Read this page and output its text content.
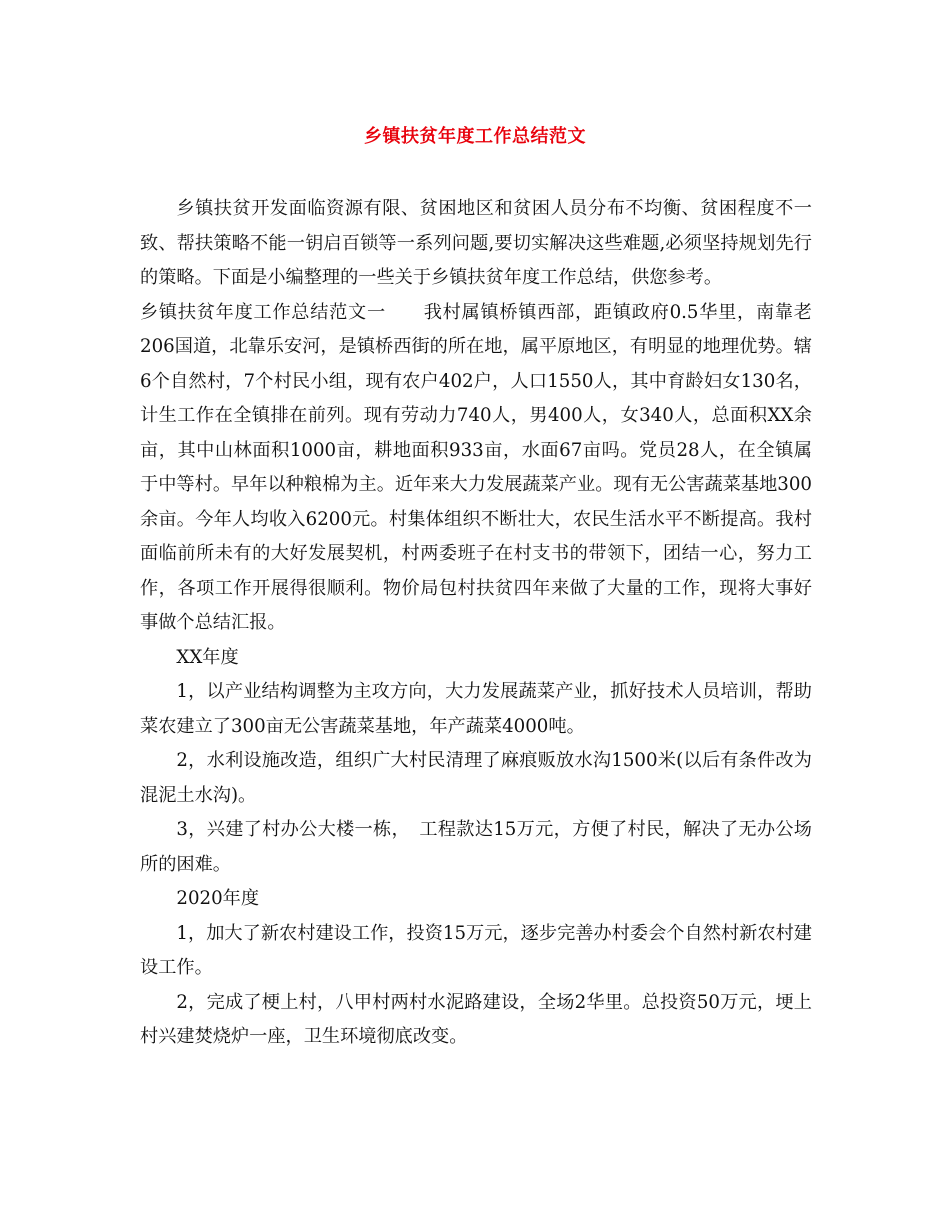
乡镇扶贫年度工作总结范文

乡镇扶贫开发面临资源有限、贫困地区和贫困人员分布不均衡、贫困程度不一致、帮扶策略不能一钥启百锁等一系列问题,要切实解决这些难题,必须坚持规划先行的策略。下面是小编整理的一些关于乡镇扶贫年度工作总结，供您参考。

乡镇扶贫年度工作总结范文一　　我村属镇桥镇西部，距镇政府0.5华里，南靠老206国道，北靠乐安河，是镇桥西街的所在地，属平原地区，有明显的地理优势。辖6个自然村，7个村民小组，现有农户402户，人口1550人，其中育龄妇女130名，计生工作在全镇排在前列。现有劳动力740人，男400人，女340人，总面积XX余亩，其中山林面积1000亩，耕地面积933亩，水面67亩吗。党员28人，在全镇属于中等村。早年以种粮棉为主。近年来大力发展蔬菜产业。现有无公害蔬菜基地300余亩。今年人均收入6200元。村集体组织不断壮大，农民生活水平不断提高。我村面临前所未有的大好发展契机，村两委班子在村支书的带领下，团结一心，努力工作，各项工作开展得很顺利。物价局包村扶贫四年来做了大量的工作，现将大事好事做个总结汇报。

XX年度

1，以产业结构调整为主攻方向，大力发展蔬菜产业，抓好技术人员培训，帮助菜农建立了300亩无公害蔬菜基地，年产蔬菜4000吨。

2，水利设施改造，组织广大村民清理了麻痕贩放水沟1500米(以后有条件改为混泥土水沟)。

3，兴建了村办公大楼一栋，　工程款达15万元，方便了村民，解决了无办公场所的困难。

2020年度

1，加大了新农村建设工作，投资15万元，逐步完善办村委会个自然村新农村建设工作。

2，完成了梗上村，八甲村两村水泥路建设，全场2华里。总投资50万元，埂上村兴建焚烧炉一座，卫生环境彻底改变。
